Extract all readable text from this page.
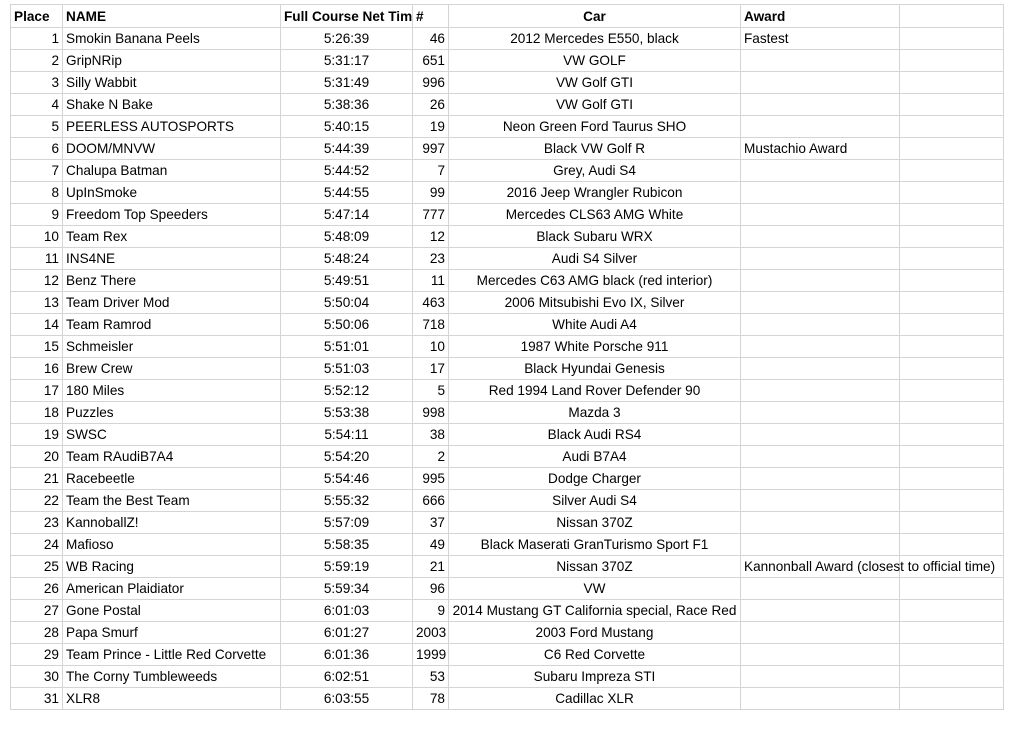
Place	NAME	Full Course Net Tim	#	Car	Award	
1	Smokin Banana Peels	5:26:39	46	2012 Mercedes E550, black	Fastest	
2	GripNRip	5:31:17	651	VW GOLF		
3	Silly Wabbit	5:31:49	996	VW Golf GTI		
4	Shake N Bake	5:38:36	26	VW Golf GTI		
5	PEERLESS AUTOSPORTS	5:40:15	19	Neon Green Ford Taurus SHO		
6	DOOM/MNVW	5:44:39	997	Black VW Golf R	Mustachio Award	
7	Chalupa Batman	5:44:52	7	Grey, Audi S4		
8	UpInSmoke	5:44:55	99	2016 Jeep Wrangler Rubicon		
9	Freedom Top Speeders	5:47:14	777	Mercedes CLS63 AMG White		
10	Team Rex	5:48:09	12	Black Subaru WRX		
11	INS4NE	5:48:24	23	Audi S4 Silver		
12	Benz There	5:49:51	11	Mercedes C63 AMG black (red interior)		
13	Team Driver Mod	5:50:04	463	2006 Mitsubishi Evo IX, Silver		
14	Team Ramrod	5:50:06	718	White Audi A4		
15	Schmeisler	5:51:01	10	1987 White Porsche 911		
16	Brew Crew	5:51:03	17	Black Hyundai Genesis		
17	180 Miles	5:52:12	5	Red 1994 Land Rover Defender 90		
18	Puzzles	5:53:38	998	Mazda 3		
19	SWSC	5:54:11	38	Black Audi RS4		
20	Team RAudiB7A4	5:54:20	2	Audi B7A4		
21	Racebeetle	5:54:46	995	Dodge Charger		
22	Team the Best Team	5:55:32	666	Silver Audi S4		
23	KannoballZ!	5:57:09	37	Nissan 370Z		
24	Mafioso	5:58:35	49	Black Maserati GranTurismo Sport F1		
25	WB Racing	5:59:19	21	Nissan 370Z	Kannonball Award (closest to official time)	
26	American Plaidiator	5:59:34	96	VW		
27	Gone Postal	6:01:03	9	2014 Mustang GT California special, Race Red		
28	Papa Smurf	6:01:27	2003	2003 Ford Mustang		
29	Team Prince - Little Red Corvette	6:01:36	1999	C6 Red Corvette		
30	The Corny Tumbleweeds	6:02:51	53	Subaru Impreza STI		
31	XLR8	6:03:55	78	Cadillac XLR		
